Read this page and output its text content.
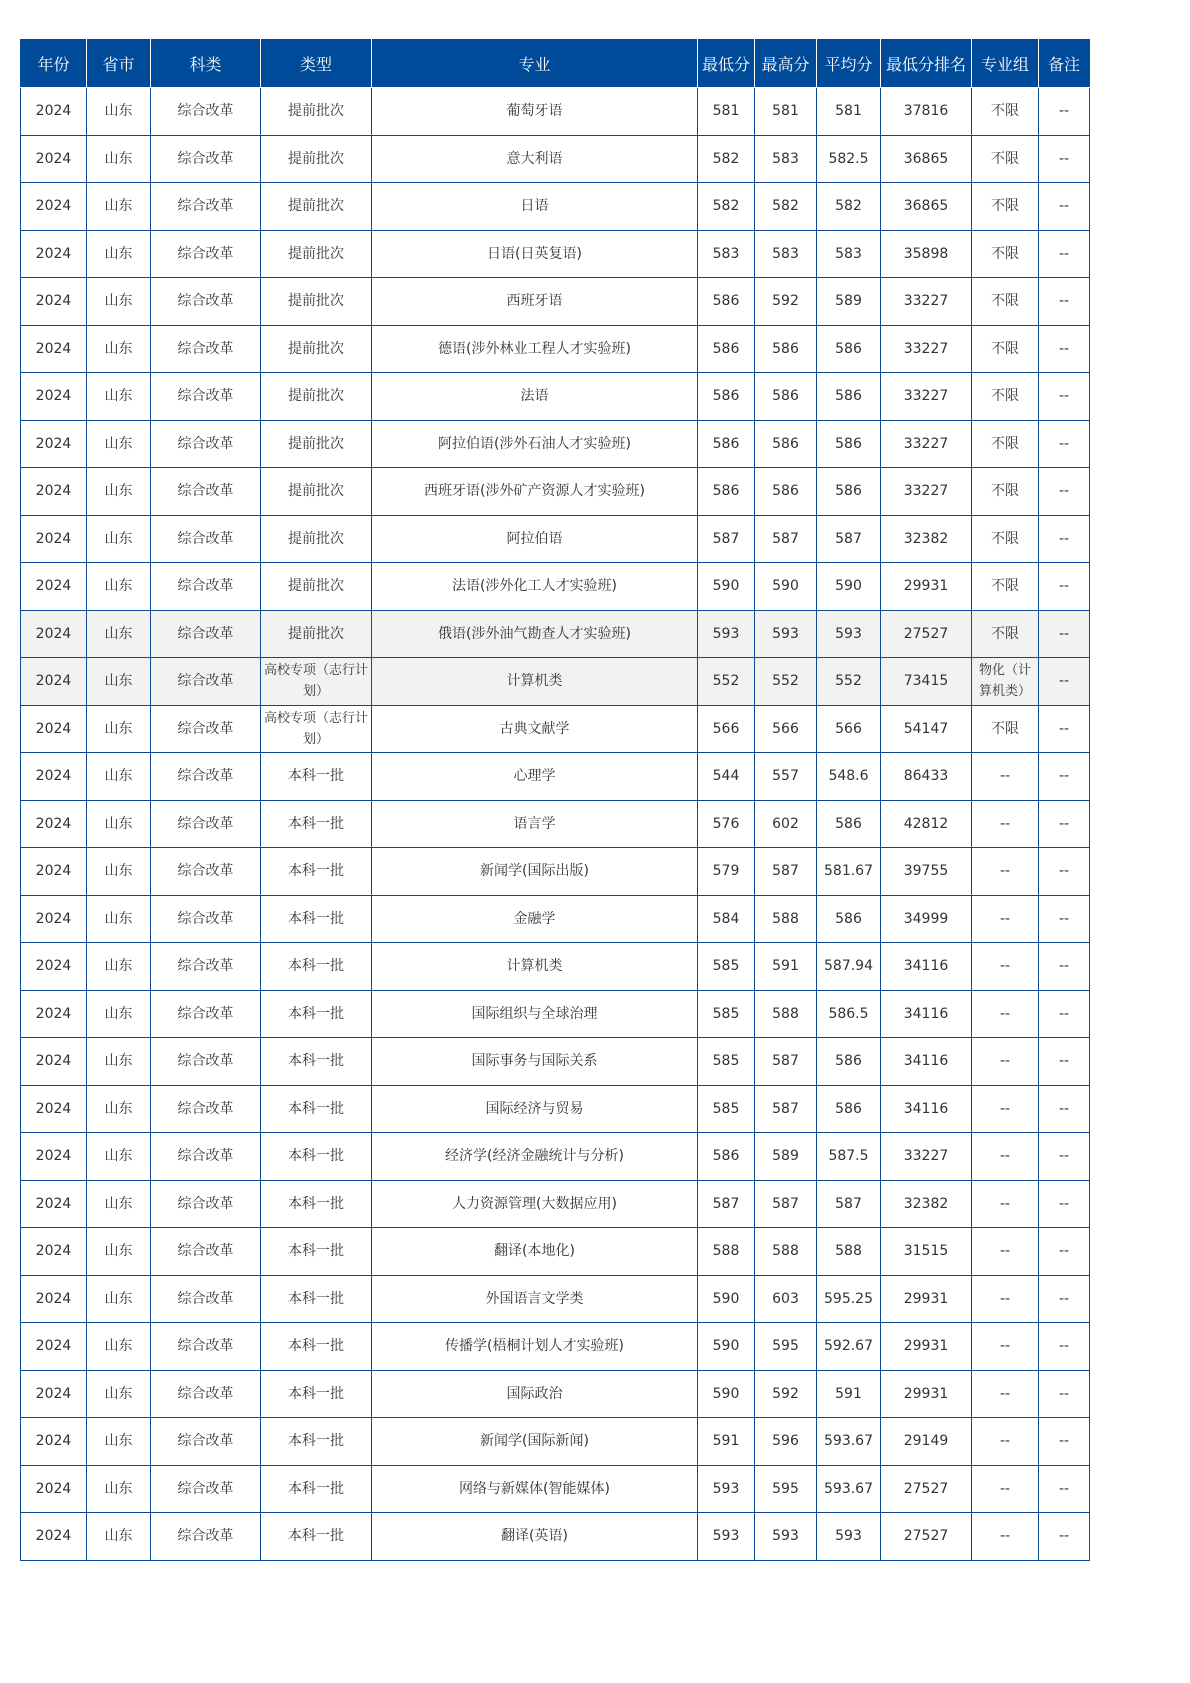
年份	省市	科类	类型	专业	最低分	最高分	平均分	最低分排名	专业组	备注
2024	山东	综合改革	提前批次	葡萄牙语	581	581	581	37816	不限	--
2024	山东	综合改革	提前批次	意大利语	582	583	582.5	36865	不限	--
2024	山东	综合改革	提前批次	日语	582	582	582	36865	不限	--
2024	山东	综合改革	提前批次	日语(日英复语)	583	583	583	35898	不限	--
2024	山东	综合改革	提前批次	西班牙语	586	592	589	33227	不限	--
2024	山东	综合改革	提前批次	德语(涉外林业工程人才实验班)	586	586	586	33227	不限	--
2024	山东	综合改革	提前批次	法语	586	586	586	33227	不限	--
2024	山东	综合改革	提前批次	阿拉伯语(涉外石油人才实验班)	586	586	586	33227	不限	--
2024	山东	综合改革	提前批次	西班牙语(涉外矿产资源人才实验班)	586	586	586	33227	不限	--
2024	山东	综合改革	提前批次	阿拉伯语	587	587	587	32382	不限	--
2024	山东	综合改革	提前批次	法语(涉外化工人才实验班)	590	590	590	29931	不限	--
2024	山东	综合改革	提前批次	俄语(涉外油气勘查人才实验班)	593	593	593	27527	不限	--
2024	山东	综合改革	高校专项（志行计划）	计算机类	552	552	552	73415	物化（计算机类）	--
2024	山东	综合改革	高校专项（志行计划）	古典文献学	566	566	566	54147	不限	--
2024	山东	综合改革	本科一批	心理学	544	557	548.6	86433	--	--
2024	山东	综合改革	本科一批	语言学	576	602	586	42812	--	--
2024	山东	综合改革	本科一批	新闻学(国际出版)	579	587	581.67	39755	--	--
2024	山东	综合改革	本科一批	金融学	584	588	586	34999	--	--
2024	山东	综合改革	本科一批	计算机类	585	591	587.94	34116	--	--
2024	山东	综合改革	本科一批	国际组织与全球治理	585	588	586.5	34116	--	--
2024	山东	综合改革	本科一批	国际事务与国际关系	585	587	586	34116	--	--
2024	山东	综合改革	本科一批	国际经济与贸易	585	587	586	34116	--	--
2024	山东	综合改革	本科一批	经济学(经济金融统计与分析)	586	589	587.5	33227	--	--
2024	山东	综合改革	本科一批	人力资源管理(大数据应用)	587	587	587	32382	--	--
2024	山东	综合改革	本科一批	翻译(本地化)	588	588	588	31515	--	--
2024	山东	综合改革	本科一批	外国语言文学类	590	603	595.25	29931	--	--
2024	山东	综合改革	本科一批	传播学(梧桐计划人才实验班)	590	595	592.67	29931	--	--
2024	山东	综合改革	本科一批	国际政治	590	592	591	29931	--	--
2024	山东	综合改革	本科一批	新闻学(国际新闻)	591	596	593.67	29149	--	--
2024	山东	综合改革	本科一批	网络与新媒体(智能媒体)	593	595	593.67	27527	--	--
2024	山东	综合改革	本科一批	翻译(英语)	593	593	593	27527	--	--
